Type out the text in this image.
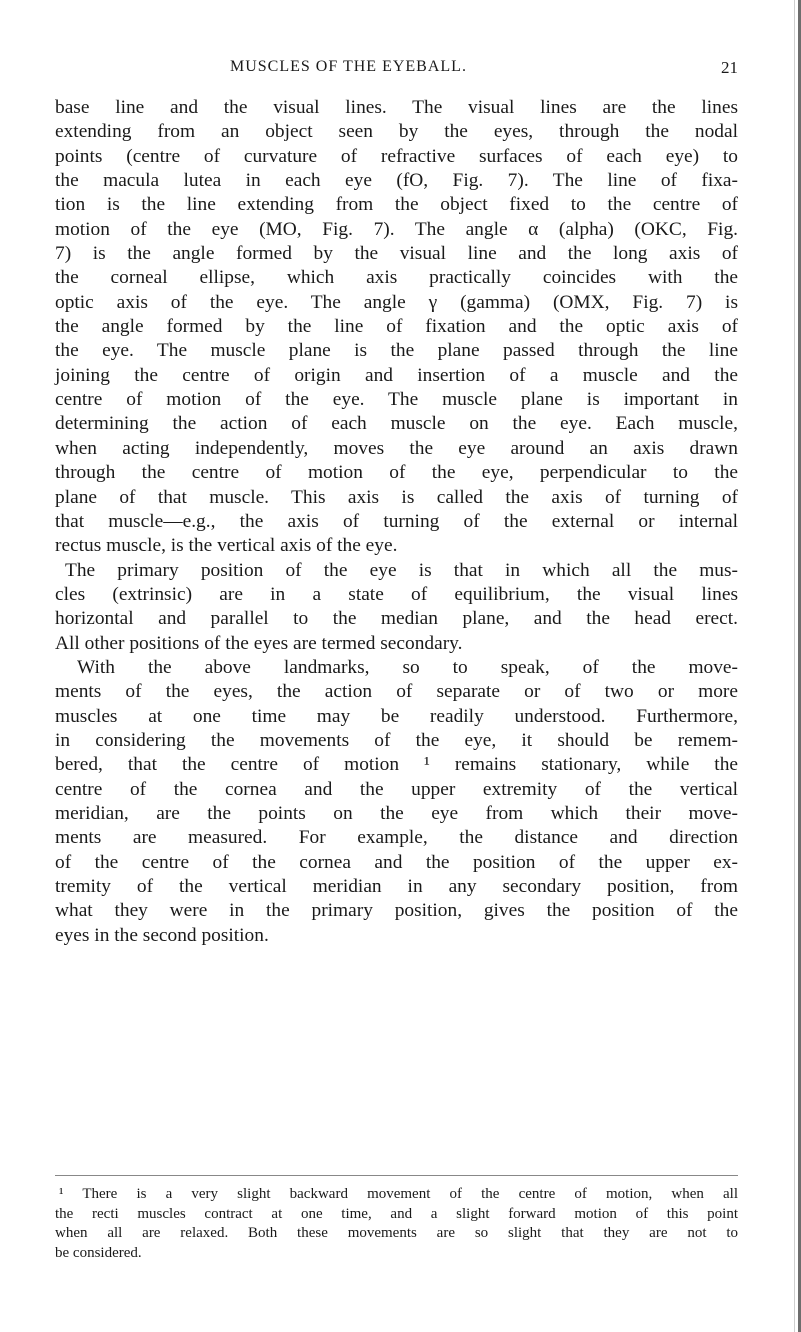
MUSCLES OF THE EYEBALL.	21
base line and the visual lines. The visual lines are the lines
extending from an object seen by the eyes, through the nodal
points (centre of curvature of refractive surfaces of each eye) to
the macula lutea in each eye (fO, Fig. 7). The line of fixa-
tion is the line extending from the object fixed to the centre of
motion of the eye (MO, Fig. 7). The angle α (alpha) (OKC, Fig.
7) is the angle formed by the visual line and the long axis of
the corneal ellipse, which axis practically coincides with the
optic axis of the eye. The angle γ (gamma) (OMX, Fig. 7) is
the angle formed by the line of fixation and the optic axis of
the eye. The muscle plane is the plane passed through the line
joining the centre of origin and insertion of a muscle and the
centre of motion of the eye. The muscle plane is important in
determining the action of each muscle on the eye. Each muscle,
when acting independently, moves the eye around an axis drawn
through the centre of motion of the eye, perpendicular to the
plane of that muscle. This axis is called the axis of turning of
that muscle—e.g., the axis of turning of the external or internal
rectus muscle, is the vertical axis of the eye.
The primary position of the eye is that in which all the mus-
cles (extrinsic) are in a state of equilibrium, the visual lines
horizontal and parallel to the median plane, and the head erect.
All other positions of the eyes are termed secondary.
With the above landmarks, so to speak, of the move-
ments of the eyes, the action of separate or of two or more
muscles at one time may be readily understood. Furthermore,
in considering the movements of the eye, it should be remem-
bered, that the centre of motion ¹ remains stationary, while the
centre of the cornea and the upper extremity of the vertical
meridian, are the points on the eye from which their move-
ments are measured. For example, the distance and direction
of the centre of the cornea and the position of the upper ex-
tremity of the vertical meridian in any secondary position, from
what they were in the primary position, gives the position of the
eyes in the second position.
¹ There is a very slight backward movement of the centre of motion, when all
the recti muscles contract at one time, and a slight forward motion of this point
when all are relaxed. Both these movements are so slight that they are not to
be considered.
